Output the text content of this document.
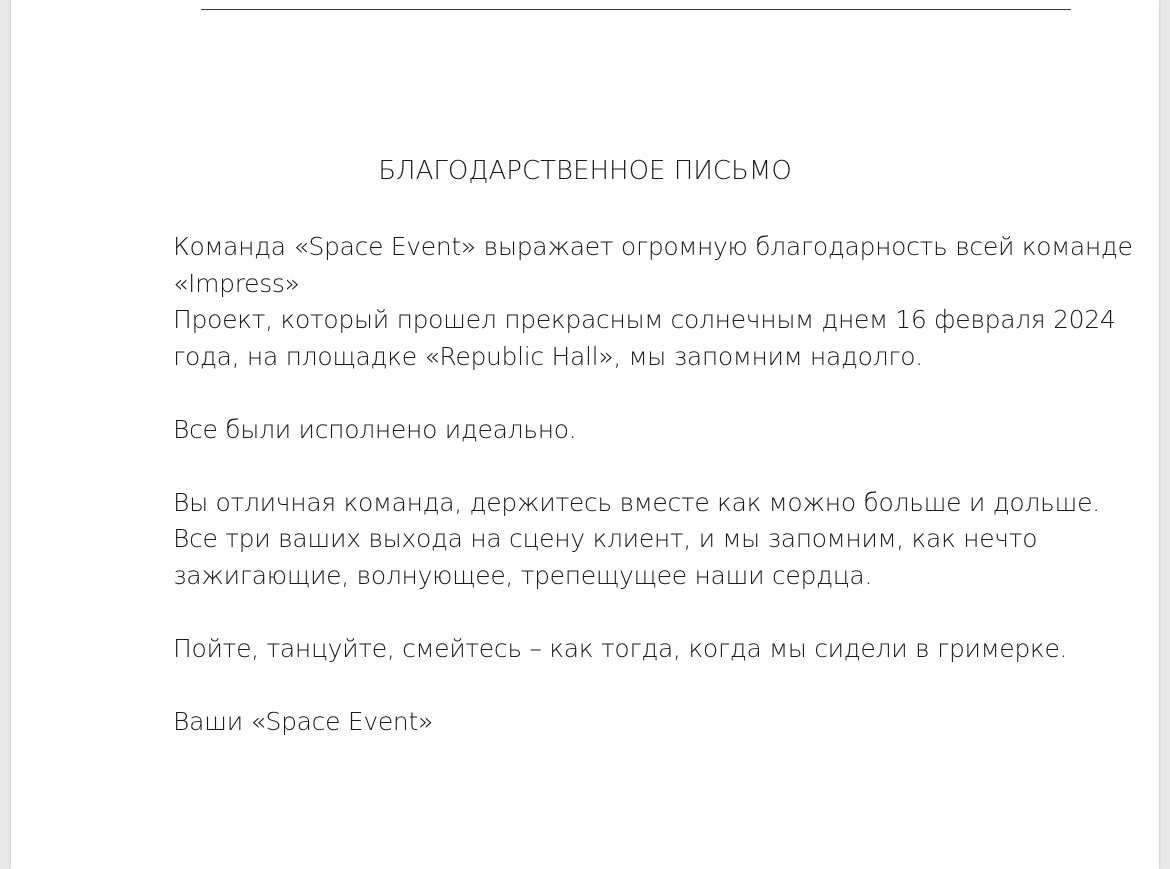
БЛАГОДАРСТВЕННОЕ ПИСЬМО

Команда «Space Event» выражает огромную благодарность всей команде
«Impress»
Проект, который прошел прекрасным солнечным днем 16 февраля 2024
года, на площадке «Republic Hall», мы запомним надолго.

Все были исполнено идеально.

Вы отличная команда, держитесь вместе как можно больше и дольше.
Все три ваших выхода на сцену клиент, и мы запомним, как нечто
зажигающие, волнующее, трепещущее наши сердца.

Пойте, танцуйте, смейтесь – как тогда, когда мы сидели в гримерке.

Ваши «Space Event»
